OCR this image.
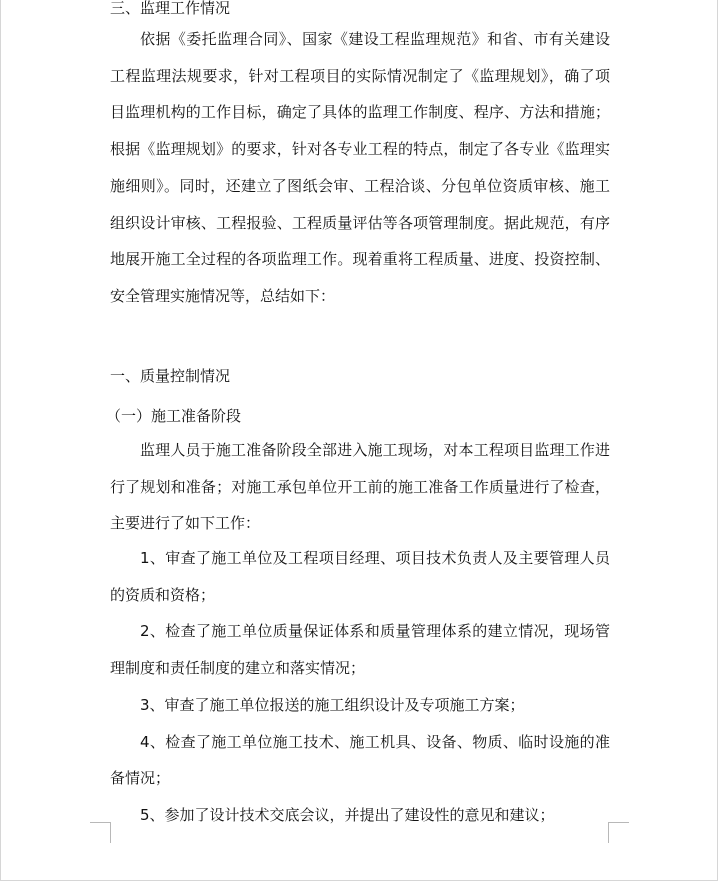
三、监理工作情况

依据《委托监理合同》、国家《建设工程监理规范》和省、市有关建设工程监理法规要求，针对工程项目的实际情况制定了《监理规划》，确了项目监理机构的工作目标，确定了具体的监理工作制度、程序、方法和措施；根据《监理规划》的要求，针对各专业工程的特点，制定了各专业《监理实施细则》。同时，还建立了图纸会审、工程洽谈、分包单位资质审核、施工组织设计审核、工程报验、工程质量评估等各项管理制度。据此规范，有序地展开施工全过程的各项监理工作。现着重将工程质量、进度、投资控制、安全管理实施情况等，总结如下：

一、质量控制情况

（一）施工准备阶段

监理人员于施工准备阶段全部进入施工现场，对本工程项目监理工作进行了规划和准备；对施工承包单位开工前的施工准备工作质量进行了检查，主要进行了如下工作：

1、审查了施工单位及工程项目经理、项目技术负责人及主要管理人员的资质和资格；

2、检查了施工单位质量保证体系和质量管理体系的建立情况，现场管理制度和责任制度的建立和落实情况；

3、审查了施工单位报送的施工组织设计及专项施工方案；

4、检查了施工单位施工技术、施工机具、设备、物质、临时设施的准备情况；

5、参加了设计技术交底会议，并提出了建设性的意见和建议；
